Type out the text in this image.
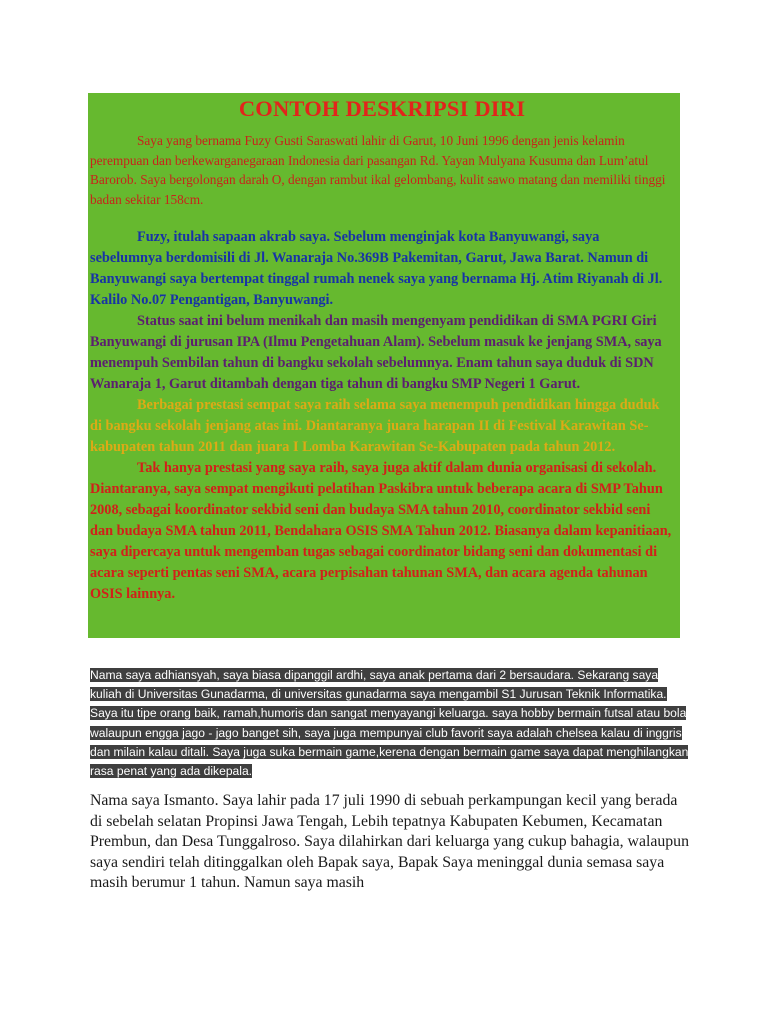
CONTOH DESKRIPSI DIRI

Saya yang bernama Fuzy Gusti Saraswati lahir di Garut, 10 Juni 1996 dengan jenis kelamin perempuan dan berkewarganegaraan Indonesia dari pasangan Rd. Yayan Mulyana Kusuma dan Lum’atul Barorob. Saya bergolongan darah O, dengan rambut ikal gelombang, kulit sawo matang dan memiliki tinggi badan sekitar 158cm.

Fuzy, itulah sapaan akrab saya. Sebelum menginjak kota Banyuwangi, saya sebelumnya berdomisili di Jl. Wanaraja No.369B Pakemitan, Garut, Jawa Barat. Namun di Banyuwangi saya bertempat tinggal rumah nenek saya yang bernama Hj. Atim Riyanah di Jl. Kalilo No.07 Pengantigan, Banyuwangi.

Status saat ini belum menikah dan masih mengenyam pendidikan di SMA PGRI Giri Banyuwangi di jurusan IPA (Ilmu Pengetahuan Alam). Sebelum masuk ke jenjang SMA, saya menempuh Sembilan tahun di bangku sekolah sebelumnya. Enam tahun saya duduk di SDN Wanaraja 1, Garut ditambah dengan tiga tahun di bangku SMP Negeri 1 Garut.

Berbagai prestasi sempat saya raih selama saya menempuh pendidikan hingga duduk di bangku sekolah jenjang atas ini. Diantaranya juara harapan II di Festival Karawitan Se-kabupaten tahun 2011 dan juara I Lomba Karawitan Se-Kabupaten pada tahun 2012.

Tak hanya prestasi yang saya raih, saya juga aktif dalam dunia organisasi di sekolah. Diantaranya, saya sempat mengikuti pelatihan Paskibra untuk beberapa acara di SMP Tahun 2008, sebagai koordinator sekbid seni dan budaya SMA tahun 2010, coordinator sekbid seni dan budaya SMA tahun 2011, Bendahara OSIS SMA Tahun 2012. Biasanya dalam kepanitiaan, saya dipercaya untuk mengemban tugas sebagai coordinator bidang seni dan dokumentasi di acara seperti pentas seni SMA, acara perpisahan tahunan SMA, dan acara agenda tahunan OSIS lainnya.

Nama saya adhiansyah, saya biasa dipanggil ardhi, saya anak pertama dari 2 bersaudara. Sekarang saya kuliah di Universitas Gunadarma, di universitas gunadarma saya mengambil S1 Jurusan Teknik Informatika. Saya itu tipe orang baik, ramah,humoris dan sangat menyayangi keluarga. saya hobby bermain futsal atau bola walaupun engga jago - jago banget sih, saya juga mempunyai club favorit saya adalah chelsea kalau di inggris dan milain kalau ditali. Saya juga suka bermain game,kerena dengan bermain game saya dapat menghilangkan rasa penat yang ada dikepala.

Nama saya Ismanto. Saya lahir pada 17 juli 1990 di sebuah perkampungan kecil yang berada di sebelah selatan Propinsi Jawa Tengah, Lebih tepatnya Kabupaten Kebumen, Kecamatan Prembun, dan Desa Tunggalroso. Saya dilahirkan dari keluarga yang cukup bahagia, walaupun saya sendiri telah ditinggalkan oleh Bapak saya, Bapak Saya meninggal dunia semasa saya masih berumur 1 tahun. Namun saya masih
